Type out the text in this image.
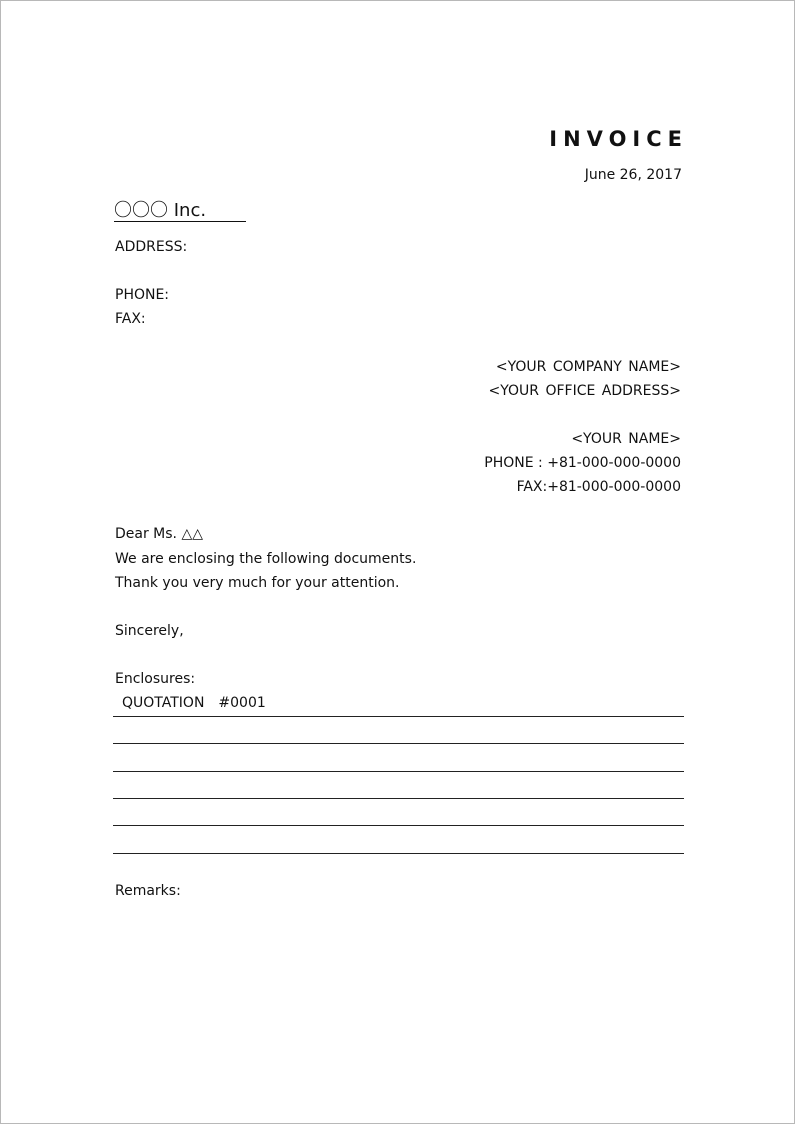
INVOICE
June 26, 2017
〇〇〇 Inc.
ADDRESS:
PHONE:
FAX:
<YOUR COMPANY NAME>
<YOUR OFFICE ADDRESS>
<YOUR NAME>
PHONE : +81-000-000-0000
FAX:+81-000-000-0000
Dear Ms. △△
We are enclosing the following documents.
Thank you very much for your attention.
Sincerely,
Enclosures:
QUOTATION #0001
Remarks:
